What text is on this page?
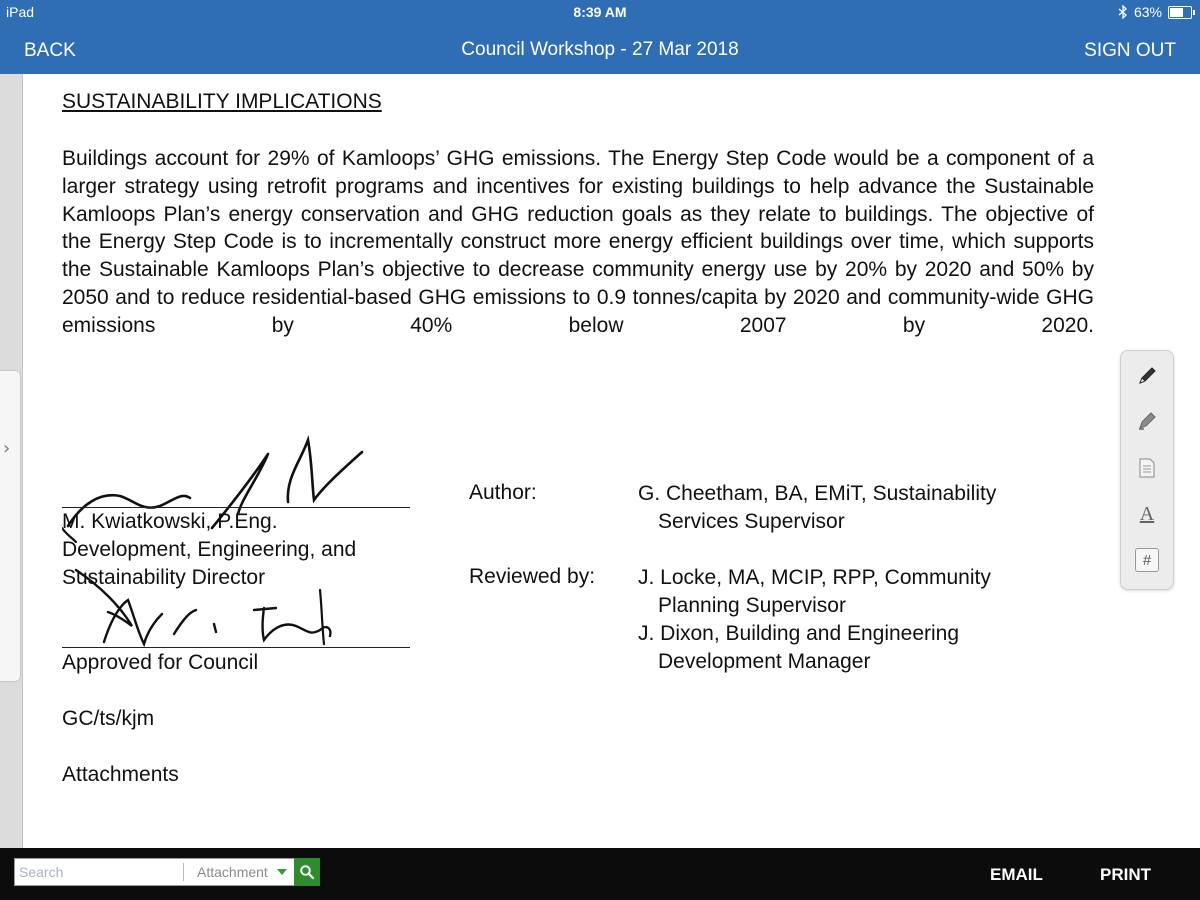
iPad	8:39 AM	63%
BACK	Council Workshop - 27 Mar 2018	SIGN OUT
›
SUSTAINABILITY IMPLICATIONS
Buildings account for 29% of Kamloops’ GHG emissions. The Energy Step Code would be a component of a larger strategy using retrofit programs and incentives for existing buildings to help advance the Sustainable Kamloops Plan’s energy conservation and GHG reduction goals as they relate to buildings. The objective of the Energy Step Code is to incrementally construct more energy efficient buildings over time, which supports the Sustainable Kamloops Plan’s objective to decrease community energy use by 20% by 2020 and 50% by 2050 and to reduce residential-based GHG emissions to 0.9 tonnes/capita by 2020 and community-wide GHG emissions by 40% below 2007 by 2020.
M. Kwiatkowski, P.Eng.
Development, Engineering, and
Sustainability Director
Approved for Council
GC/ts/kjm
Attachments
Author:	G. Cheetham, BA, EMiT, Sustainability
Services Supervisor
Reviewed by: J. Locke, MA, MCIP, RPP, Community
Planning Supervisor
J. Dixon, Building and Engineering
Development Manager
A
#
Search
Attachment	EMAIL	PRINT
